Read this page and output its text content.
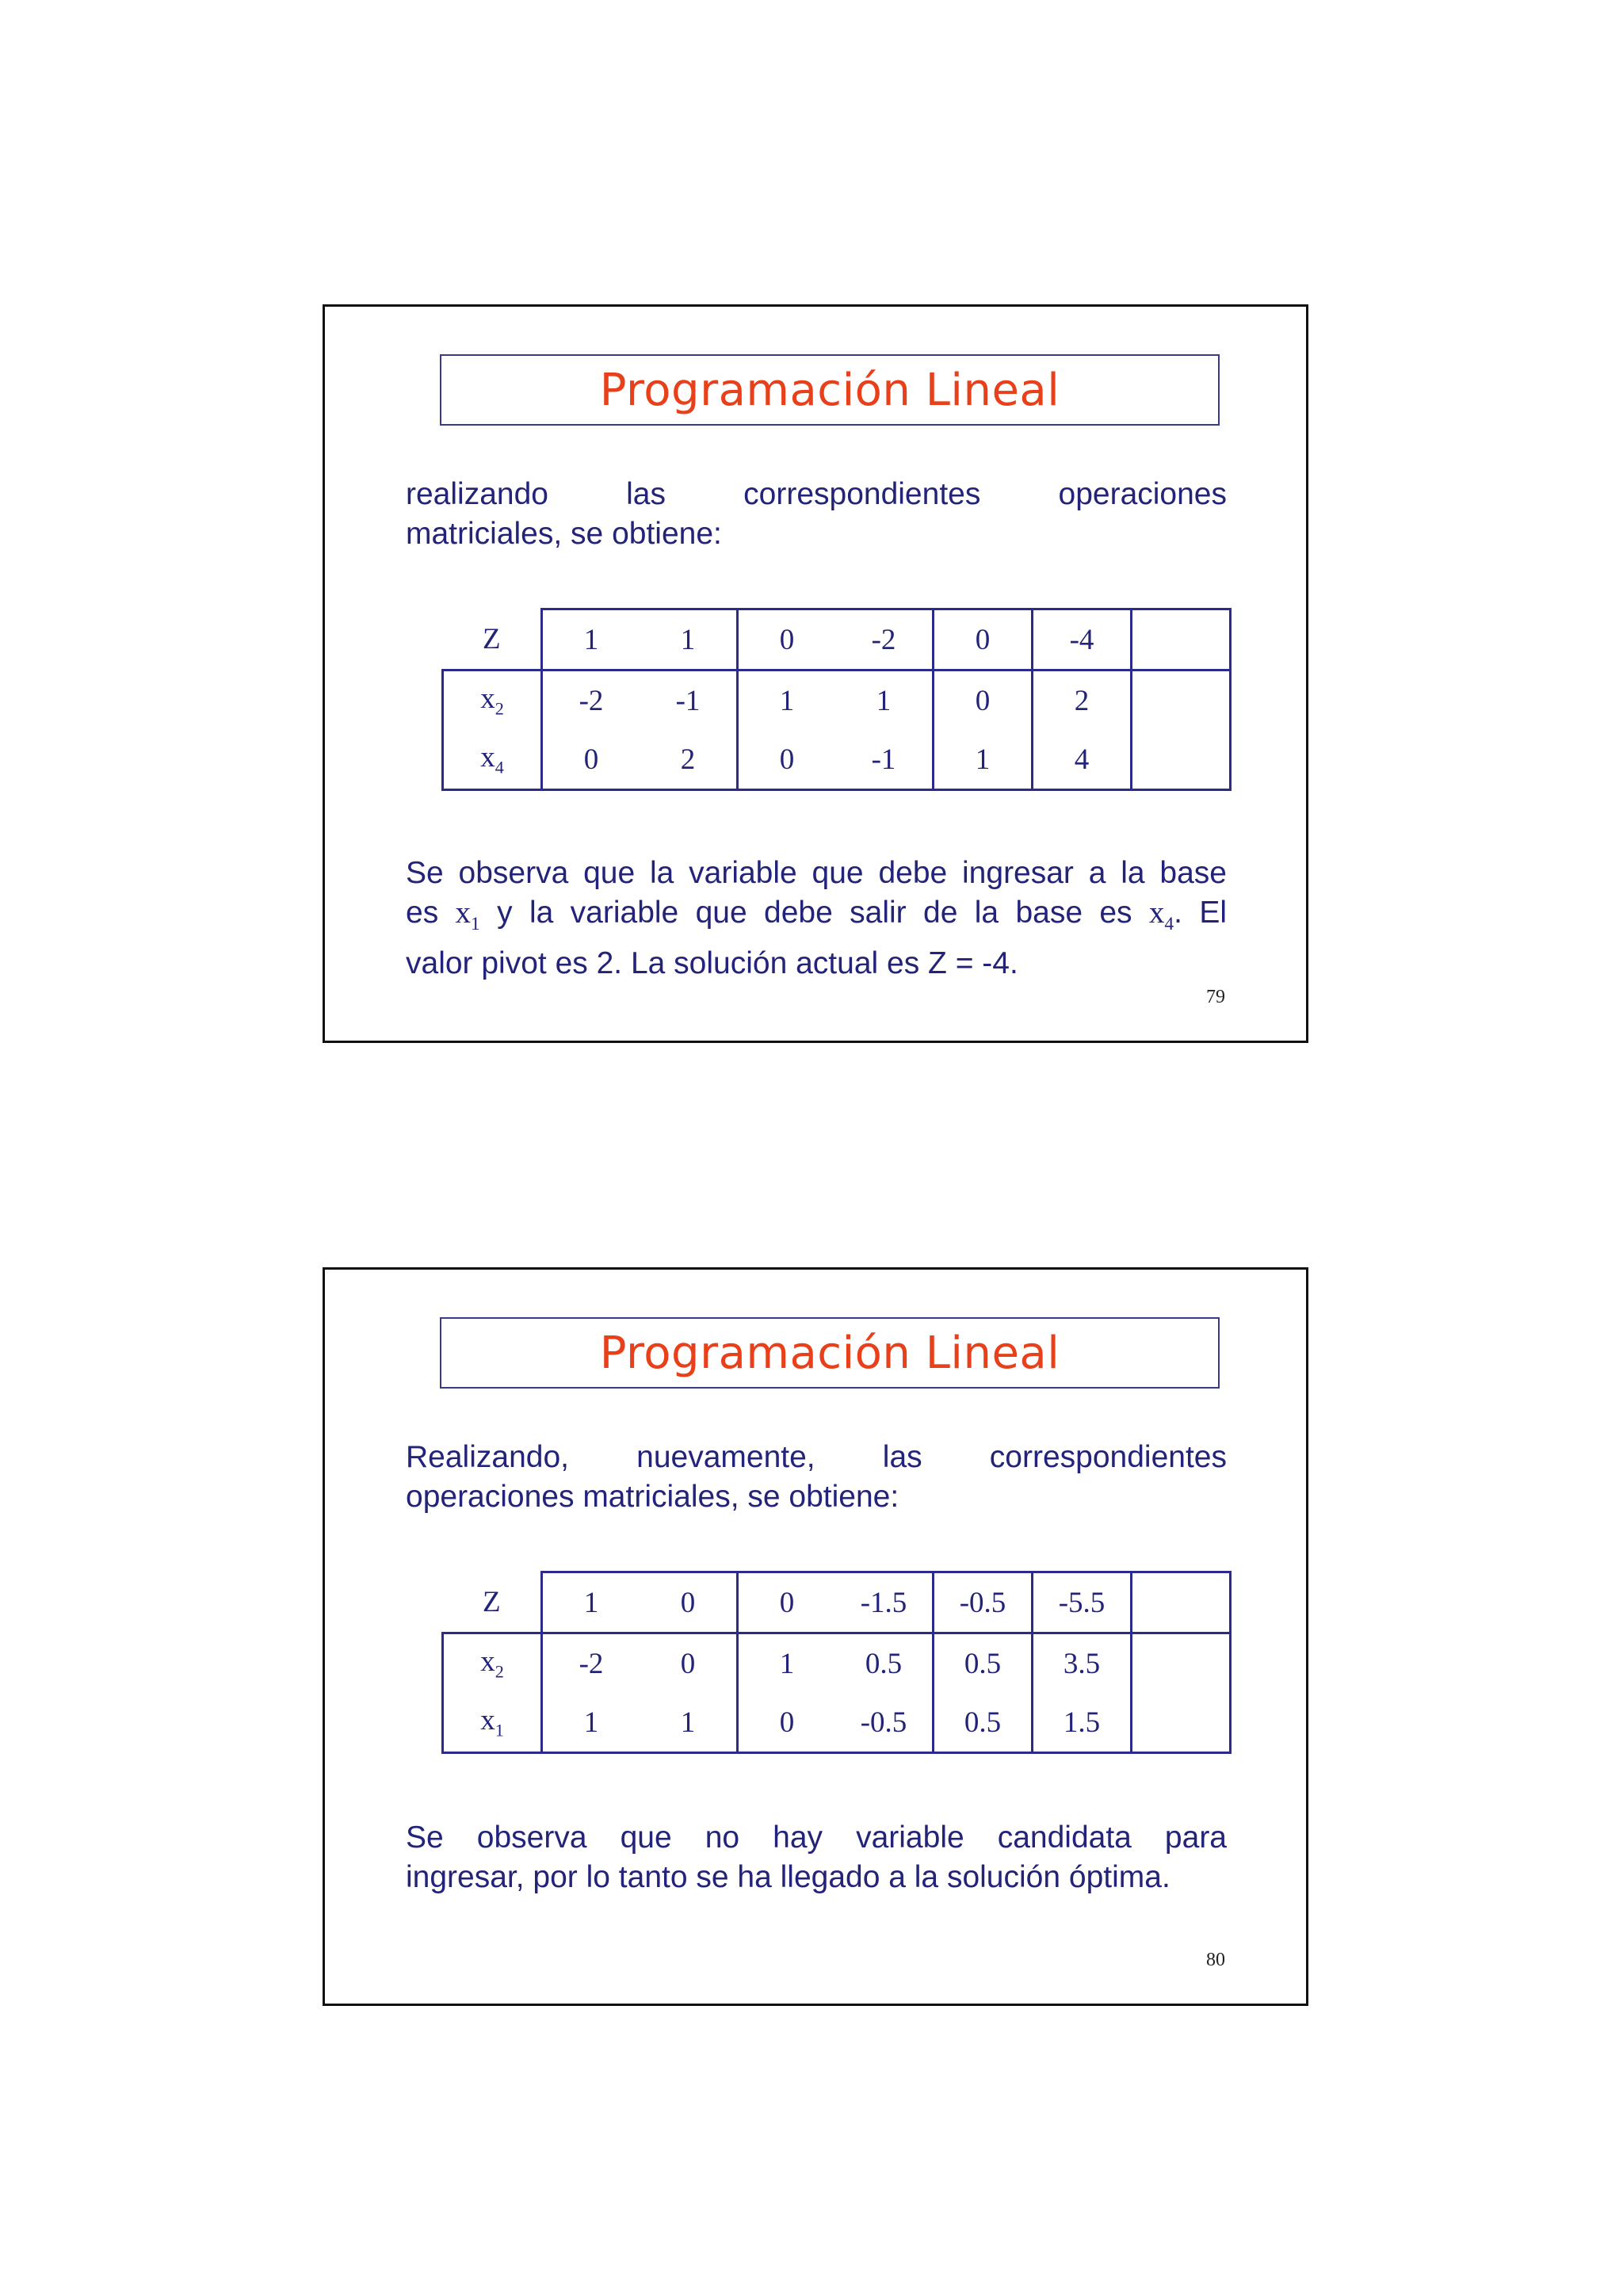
Programación Lineal
realizando las correspondientes operaciones
matriciales, se obtiene:
Z	1	1	0	-2	0	-4	
$x_2$	-2	-1	1	1	0	2	
$x_4$	0	2	0	-1	1	4	
Se observa que la variable que debe ingresar a la base
es $x_1$ y la variable que debe salir de la base es $x_4$. El
valor pivot es 2. La solución actual es Z = -4.
79
Programación Lineal
Realizando, nuevamente, las correspondientes
operaciones matriciales, se obtiene:
Z	1	0	0	-1.5	-0.5	-5.5	
$x_2$	-2	0	1	0.5	0.5	3.5	
$x_1$	1	1	0	-0.5	0.5	1.5	
Se observa que no hay variable candidata para
ingresar, por lo tanto se ha llegado a la solución óptima.
80
